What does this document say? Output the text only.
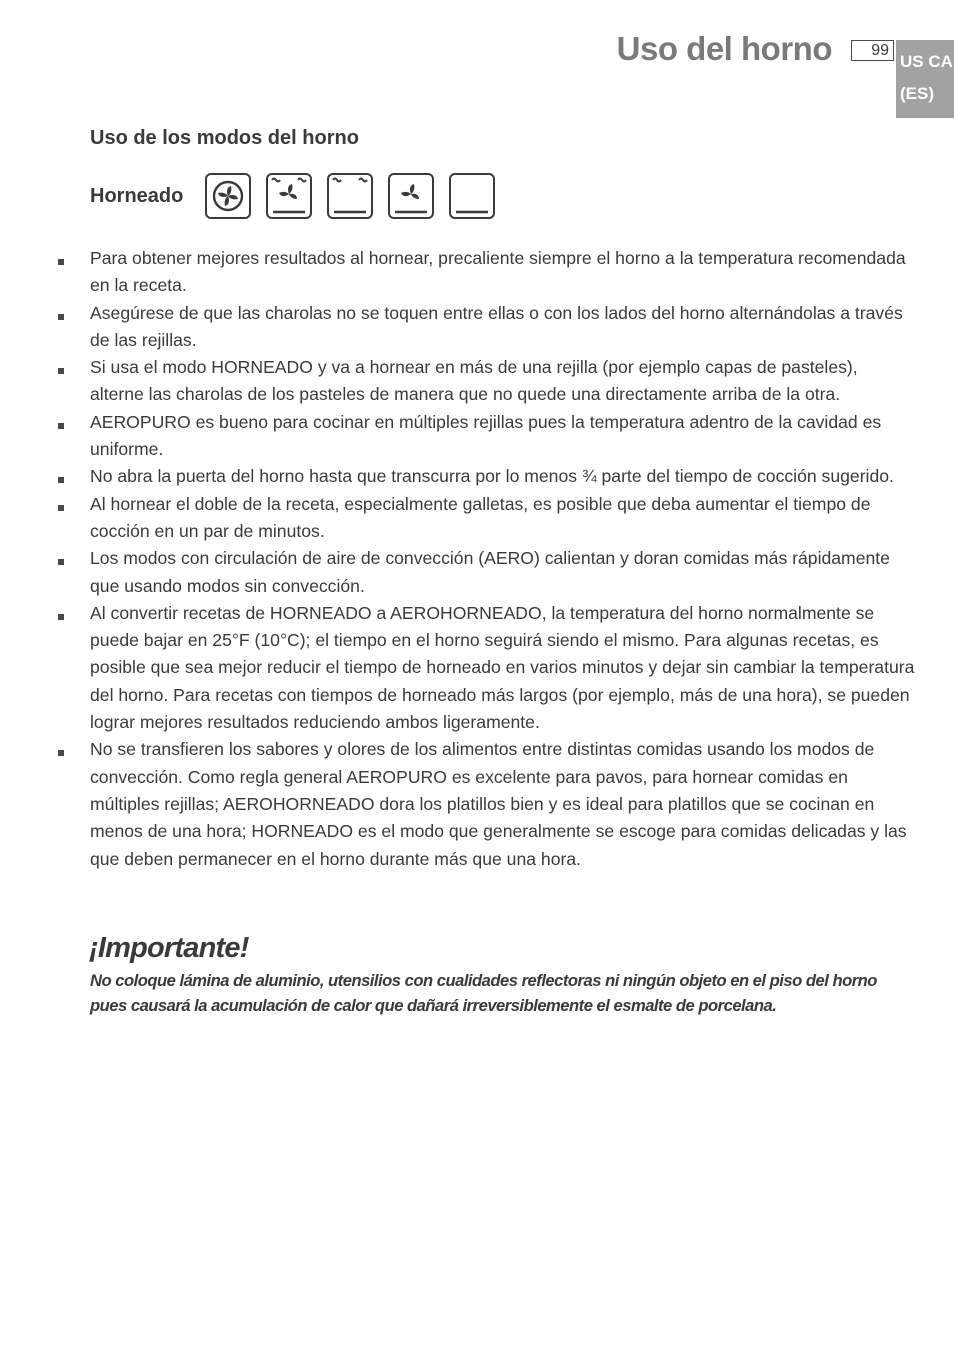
Uso del horno	99
US CA
(ES)
Uso de los modos del horno
Horneado
Para obtener mejores resultados al hornear, precaliente siempre el horno a la temperatura recomendada en la receta.
Asegúrese de que las charolas no se toquen entre ellas o con los lados del horno alternándolas a través de las rejillas.
Si usa el modo HORNEADO y va a hornear en más de una rejilla (por ejemplo capas de pasteles), alterne las charolas de los pasteles de manera que no quede una directamente arriba de la otra.
AEROPURO es bueno para cocinar en múltiples rejillas pues la temperatura adentro de la cavidad es uniforme.
No abra la puerta del horno hasta que transcurra por lo menos ¾ parte del tiempo de cocción sugerido.
Al hornear el doble de la receta, especialmente galletas, es posible que deba aumentar el tiempo de cocción en un par de minutos.
Los modos con circulación de aire de convección (AERO) calientan y doran comidas más rápidamente que usando modos sin convección.
Al convertir recetas de HORNEADO a AEROHORNEADO, la temperatura del horno normalmente se puede bajar en 25°F (10°C); el tiempo en el horno seguirá siendo el mismo. Para algunas recetas, es posible que sea mejor reducir el tiempo de horneado en varios minutos y dejar sin cambiar la temperatura del horno. Para recetas con tiempos de horneado más largos (por ejemplo, más de una hora), se pueden lograr mejores resultados reduciendo ambos ligeramente.
No se transfieren los sabores y olores de los alimentos entre distintas comidas usando los modos de convección. Como regla general AEROPURO es excelente para pavos, para hornear comidas en múltiples rejillas; AEROHORNEADO dora los platillos bien y es ideal para platillos que se cocinan en menos de una hora; HORNEADO es el modo que generalmente se escoge para comidas delicadas y las que deben permanecer en el horno durante más que una hora.
¡Importante!
No coloque lámina de aluminio, utensilios con cualidades reflectoras ni ningún objeto en el piso del horno pues causará la acumulación de calor que dañará irreversiblemente el esmalte de porcelana.
